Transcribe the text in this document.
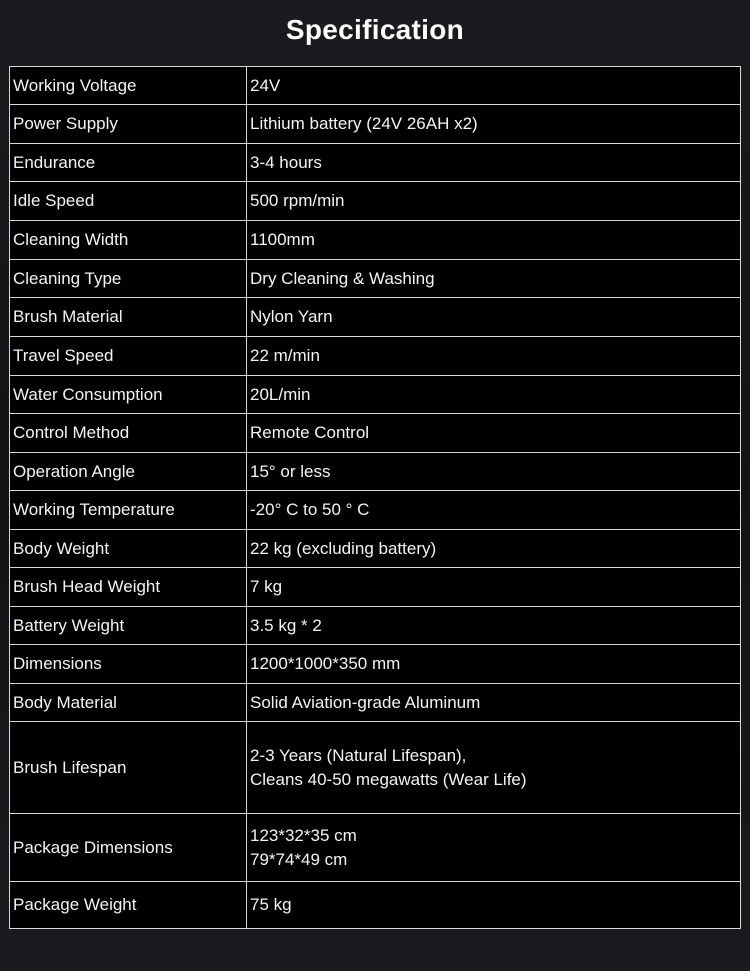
Specification
Working Voltage	24V

Power Supply	Lithium battery (24V 26AH x2)

Endurance	3-4 hours

Idle Speed	500 rpm/min

Cleaning Width	1100mm

Cleaning Type	Dry Cleaning & Washing

Brush Material	Nylon Yarn

Travel Speed	22 m/min

Water Consumption	20L/min

Control Method	Remote Control

Operation Angle	15° or less

Working Temperature	-20° C to 50 ° C

Body Weight	22 kg (excluding battery)

Brush Head Weight	7 kg

Battery Weight	3.5 kg * 2

Dimensions	1200*1000*350 mm

Body Material	Solid Aviation-grade Aluminum

Brush Lifespan	2-3 Years (Natural Lifespan),
Cleans 40-50 megawatts (Wear Life)

Package Dimensions	123*32*35 cm
79*74*49 cm

Package Weight	75 kg
